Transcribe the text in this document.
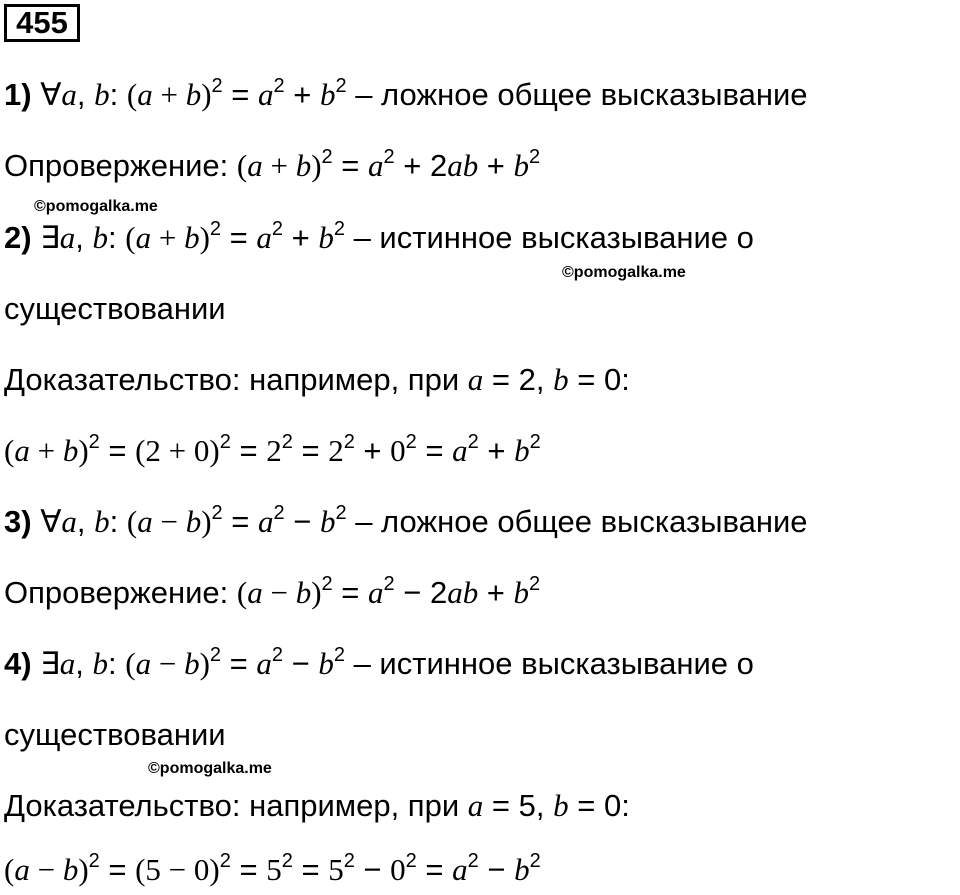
455
1) ∀a, b: $(a + b)^2 = a^2 + b^2$ – ложное общее высказывание
Опровержение: $(a + b)^2 = a^2 + 2ab + b^2$
©pomogalka.me
2) ∃a, b: $(a + b)^2 = a^2 + b^2$ – истинное высказывание о
©pomogalka.me
существовании
Доказательство: например, при a = 2, b = 0:
$(a + b)^2 = (2 + 0)^2 = 2^2 = 2^2 + 0^2 = a^2 + b^2$
3) ∀a, b: $(a - b)^2 = a^2 - b^2$ – ложное общее высказывание
Опровержение: $(a - b)^2 = a^2 - 2ab + b^2$
4) ∃a, b: $(a - b)^2 = a^2 - b^2$ – истинное высказывание о
существовании
©pomogalka.me
Доказательство: например, при a = 5, b = 0:
$(a - b)^2 = (5 - 0)^2 = 5^2 = 5^2 - 0^2 = a^2 - b^2$
